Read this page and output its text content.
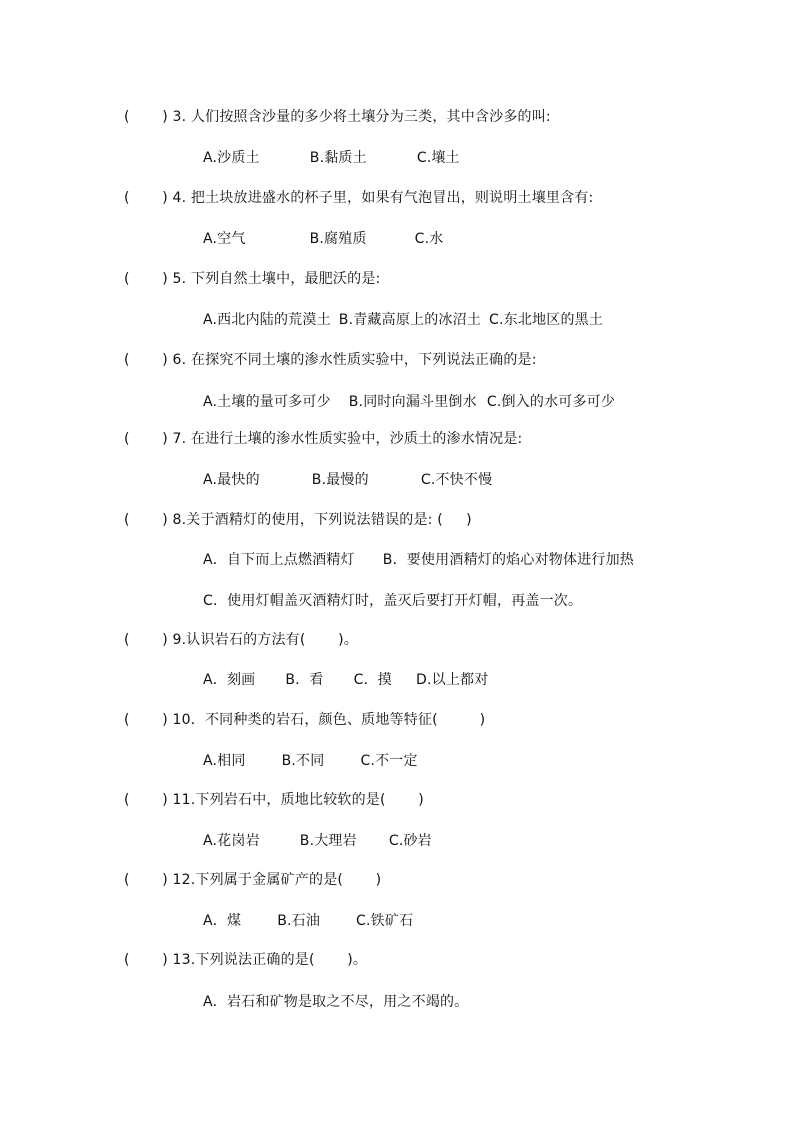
(       ) 3. 人们按照含沙量的多少将土壤分为三类，其中含沙多的叫:
A.沙质土	B.黏质土	C.壤土
(       ) 4. 把土块放进盛水的杯子里，如果有气泡冒出，则说明土壤里含有:
A.空气	B.腐殖质	C.水
(       ) 5. 下列自然土壤中，最肥沃的是:
A.西北内陆的荒漠土 B.青藏高原上的冰沼土 C.东北地区的黑土
(       ) 6. 在探究不同土壤的渗水性质实验中，下列说法正确的是:
A.土壤的量可多可少 B.同时向漏斗里倒水 C.倒入的水可多可少
(       ) 7. 在进行土壤的渗水性质实验中，沙质土的渗水情况是:
A.最快的	B.最慢的	C.不快不慢
(       ) 8.关于酒精灯的使用，下列说法错误的是: (     )
A．自下而上点燃酒精灯 B．要使用酒精灯的焰心对物体进行加热
C．使用灯帽盖灭酒精灯时，盖灭后要打开灯帽，再盖一次。
(       ) 9.认识岩石的方法有(       )。
A．刻画 B．看 C．摸 D.以上都对
(       ) 10．不同种类的岩石，颜色、质地等特征(         )
A.相同	B.不同	C.不一定
(       ) 11.下列岩石中，质地比较软的是(       )
A.花岗岩	B.大理岩 C.砂岩
(       ) 12.下列属于金属矿产的是(       )
A．煤	B.石油	C.铁矿石
(       ) 13.下列说法正确的是(       )。
A．岩石和矿物是取之不尽，用之不竭的。
